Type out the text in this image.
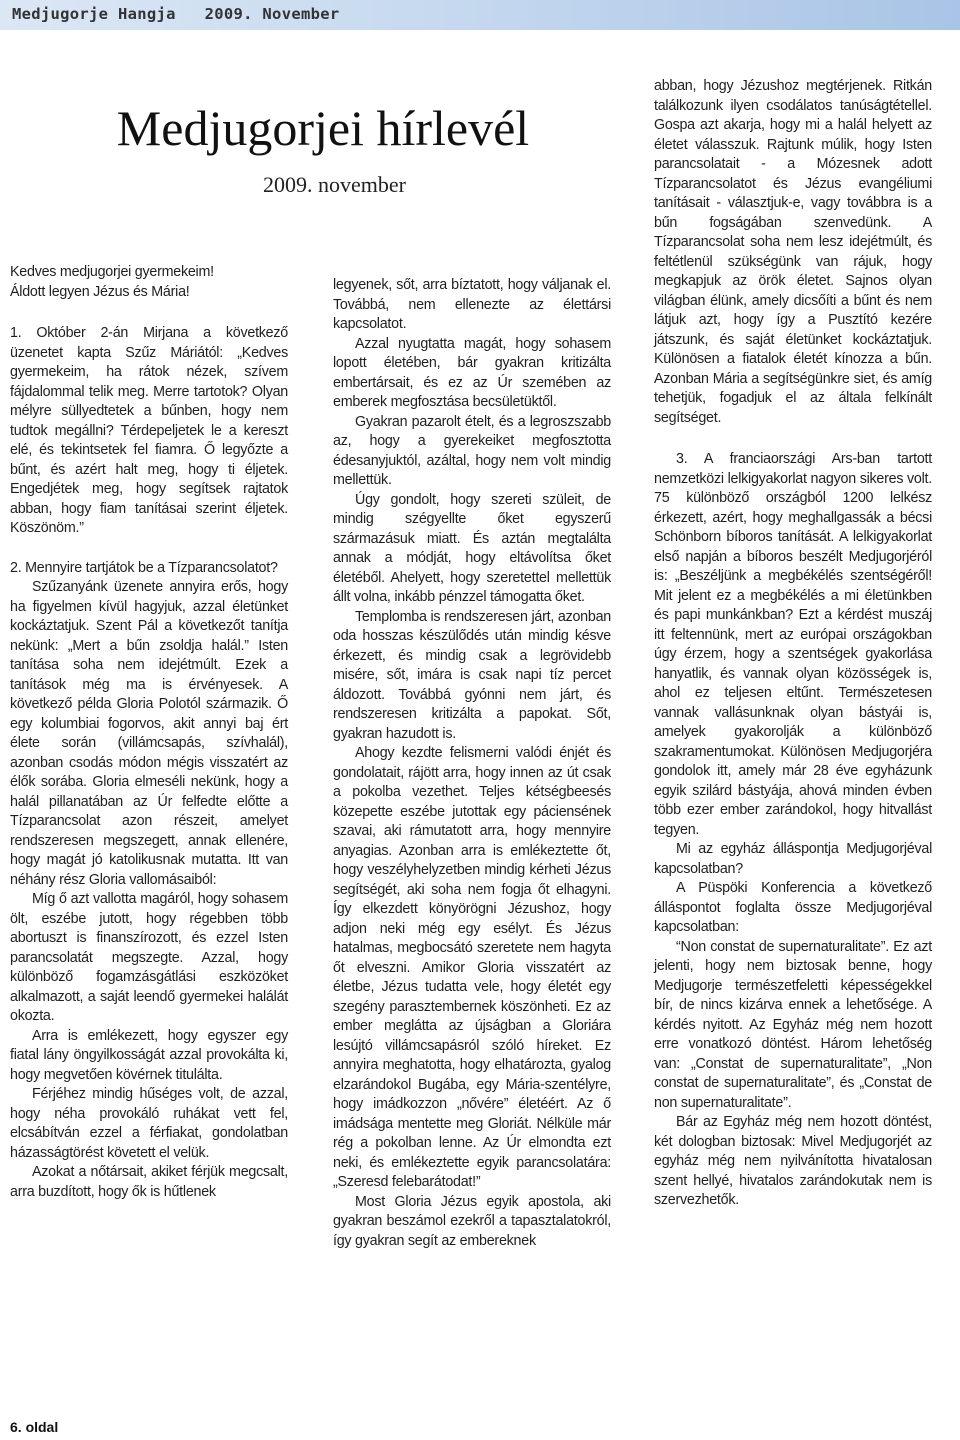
Medjugorje Hangja   2009. November
Medjugorjei hírlevél
2009. november

Kedves medjugorjei gyermekeim!

Áldott legyen Jézus és Mária!

1. Október 2-án Mirjana a következő üzenetet kapta Szűz Máriától: „Kedves gyermekeim, ha rátok nézek, szívem fájdalommal telik meg. Merre tartotok? Olyan mélyre süllyedtetek a bűnben, hogy nem tudtok megállni? Térdepeljetek le a kereszt elé, és tekintsetek fel fiamra. Ő legyőzte a bűnt, és azért halt meg, hogy ti éljetek. Engedjétek meg, hogy segítsek rajtatok abban, hogy fiam tanításai szerint éljetek. Köszönöm.”

2. Mennyire tartjátok be a Tízparancsolatot?

Szűzanyánk üzenete annyira erős, hogy ha figyelmen kívül hagyjuk, azzal életünket kockáztatjuk. Szent Pál a következőt tanítja nekünk: „Mert a bűn zsoldja halál.” Isten tanítása soha nem idejétmúlt. Ezek a tanítások még ma is érvényesek. A következő példa Gloria Polotól származik. Ő egy kolumbiai fogorvos, akit annyi baj ért élete során (villámcsapás, szívhalál), azonban csodás módon mégis visszatért az élők sorába. Gloria elmeséli nekünk, hogy a halál pillanatában az Úr felfedte előtte a Tízparancsolat azon részeit, amelyet rendszeresen megszegett, annak ellenére, hogy magát jó katolikusnak mutatta. Itt van néhány rész Gloria vallomásaiból:

Míg ő azt vallotta magáról, hogy sohasem ölt, eszébe jutott, hogy régebben több abortuszt is finanszírozott, és ezzel Isten parancsolatát megszegte. Azzal, hogy különböző fogamzásgátlási eszközöket alkalmazott, a saját leendő gyermekei halálát okozta.

Arra is emlékezett, hogy egyszer egy fiatal lány öngyilkosságát azzal provokálta ki, hogy megvetően kövérnek titulálta.

Férjéhez mindig hűséges volt, de azzal, hogy néha provokáló ruhákat vett fel, elcsábítván ezzel a férfiakat, gondolatban házasságtörést követett el velük.

Azokat a nőtársait, akiket férjük megcsalt, arra buzdított, hogy ők is hűtlenek

legyenek, sőt, arra bíztatott, hogy váljanak el. Továbbá, nem ellenezte az élettársi kapcsolatot.

Azzal nyugtatta magát, hogy sohasem lopott életében, bár gyakran kritizálta embertársait, és ez az Úr szemében az emberek megfosztása becsületüktől.

Gyakran pazarolt ételt, és a legroszszabb az, hogy a gyerekeiket megfosztotta édesanyjuktól, azáltal, hogy nem volt mindig mellettük.

Úgy gondolt, hogy szereti szüleit, de mindig szégyellte őket egyszerű származásuk miatt. És aztán megtalálta annak a módját, hogy eltávolítsa őket életéből. Ahelyett, hogy szeretettel mellettük állt volna, inkább pénzzel támogatta őket.

Templomba is rendszeresen járt, azonban oda hosszas készülődés után mindig késve érkezett, és mindig csak a legrövidebb misére, sőt, imára is csak napi tíz percet áldozott. Továbbá gyónni nem járt, és rendszeresen kritizálta a papokat. Sőt, gyakran hazudott is.

Ahogy kezdte felismerni valódi énjét és gondolatait, rájött arra, hogy innen az út csak a pokolba vezethet. Teljes kétségbeesés közepette eszébe jutottak egy páciensének szavai, aki rámutatott arra, hogy mennyire anyagias. Azonban arra is emlékeztette őt, hogy veszélyhelyzetben mindig kérheti Jézus segítségét, aki soha nem fogja őt elhagyni. Így elkezdett könyörögni Jézushoz, hogy adjon neki még egy esélyt. És Jézus hatalmas, megbocsátó szeretete nem hagyta őt elveszni. Amikor Gloria visszatért az életbe, Jézus tudatta vele, hogy életét egy szegény parasztembernek köszönheti. Ez az ember meglátta az újságban a Gloriára lesújtó villámcsapásról szóló híreket. Ez annyira meghatotta, hogy elhatározta, gyalog elzarándokol Bugába, egy Mária-szentélyre, hogy imádkozzon „nővére” életéért. Az ő imádsága mentette meg Gloriát. Nélküle már rég a pokolban lenne. Az Úr elmondta ezt neki, és emlékeztette egyik parancsolatára: „Szeresd felebarátodat!”

Most Gloria Jézus egyik apostola, aki gyakran beszámol ezekről a tapasztalatokról, így gyakran segít az embereknek

abban, hogy Jézushoz megtérjenek. Ritkán találkozunk ilyen csodálatos tanúságtétellel. Gospa azt akarja, hogy mi a halál helyett az életet válasszuk. Rajtunk múlik, hogy Isten parancsolatait - a Mózesnek adott Tízparancsolatot és Jézus evangéliumi tanításait - választjuk-e, vagy továbbra is a bűn fogságában szenvedünk. A Tízparancsolat soha nem lesz idejétmúlt, és feltétlenül szükségünk van rájuk, hogy megkapjuk az örök életet. Sajnos olyan világban élünk, amely dicsőíti a bűnt és nem látjuk azt, hogy így a Pusztító kezére játszunk, és saját életünket kockáztatjuk. Különösen a fiatalok életét kínozza a bűn. Azonban Mária a segítségünkre siet, és amíg tehetjük, fogadjuk el az általa felkínált segítséget.

3. A franciaországi Ars-ban tartott nemzetközi lelkigyakorlat nagyon sikeres volt. 75 különböző országból 1200 lelkész érkezett, azért, hogy meghallgassák a bécsi Schönborn bíboros tanítását. A lelkigyakorlat első napján a bíboros beszélt Medjugorjéról is: „Beszéljünk a megbékélés szentségéről! Mit jelent ez a megbékélés a mi életünkben és papi munkánkban? Ezt a kérdést muszáj itt feltennünk, mert az európai országokban úgy érzem, hogy a szentségek gyakorlása hanyatlik, és vannak olyan közösségek is, ahol ez teljesen eltűnt. Természetesen vannak vallásunknak olyan bástyái is, amelyek gyakorolják a különböző szakramentumokat. Különösen Medjugorjéra gondolok itt, amely már 28 éve egyházunk egyik szilárd bástyája, ahová minden évben több ezer ember zarándokol, hogy hitvallást tegyen.

Mi az egyház álláspontja Medjugorjéval kapcsolatban?

A Püspöki Konferencia a következő álláspontot foglalta össze Medjugorjéval kapcsolatban:

“Non constat de supernaturalitate”. Ez azt jelenti, hogy nem biztosak benne, hogy Medjugorje természetfeletti képességekkel bír, de nincs kizárva ennek a lehetősége. A kérdés nyitott. Az Egyház még nem hozott erre vonatkozó döntést. Három lehetőség van: „Constat de supernaturalitate”, „Non constat de supernaturalitate”, és „Constat de non supernaturalitate”.

Bár az Egyház még nem hozott döntést, két dologban biztosak: Mivel Medjugorjét az egyház még nem nyilvánította hivatalosan szent hellyé, hivatalos zarándokutak nem is szervezhetők.

6. oldal
